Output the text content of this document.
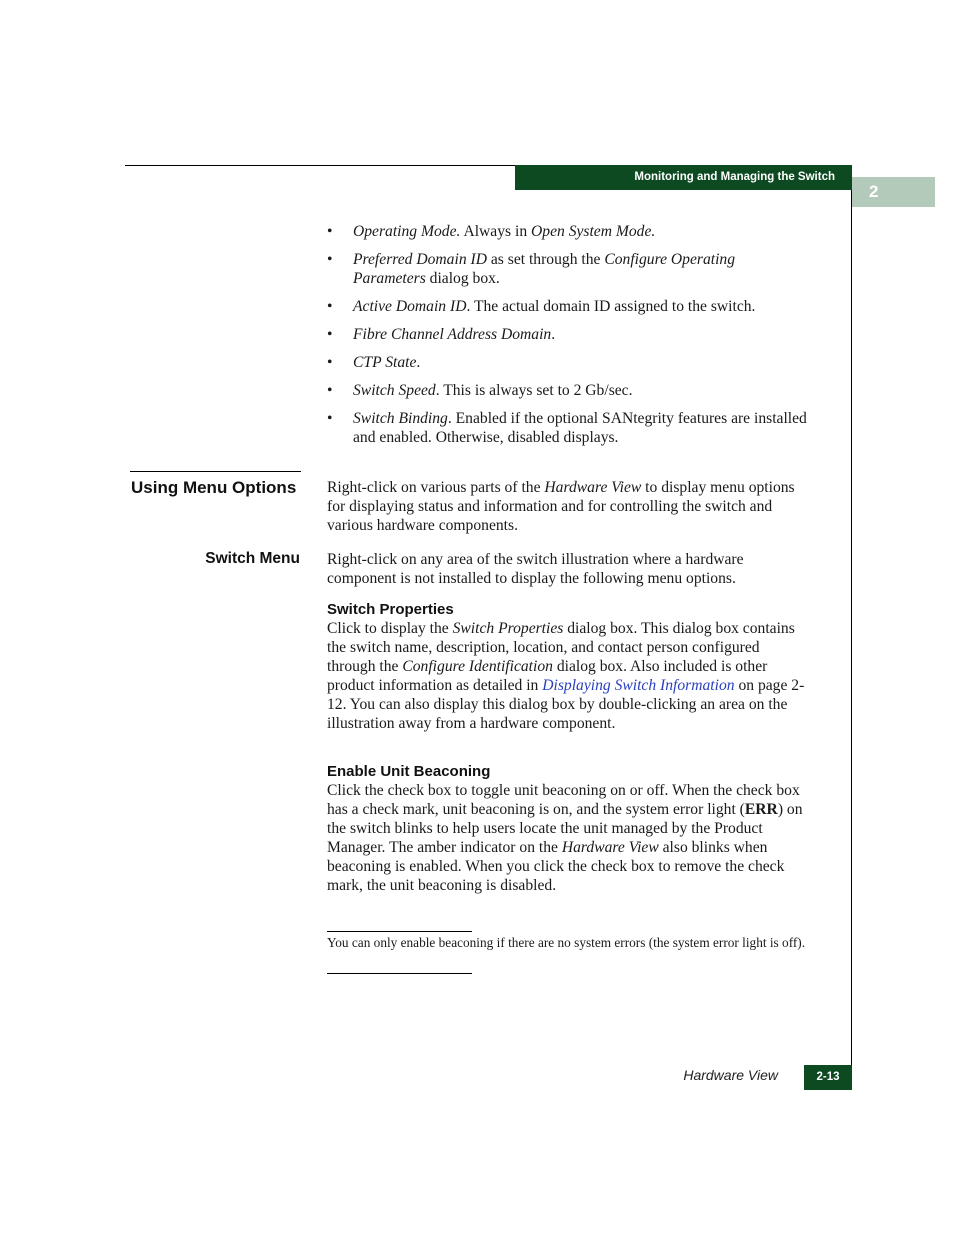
Monitoring and Managing the Switch
2
• Operating Mode. Always in Open System Mode.
• Preferred Domain ID as set through the Configure Operating Parameters dialog box.
• Active Domain ID. The actual domain ID assigned to the switch.
• Fibre Channel Address Domain.
• CTP State.
• Switch Speed. This is always set to 2 Gb/sec.
• Switch Binding. Enabled if the optional SANtegrity features are installed and enabled. Otherwise, disabled displays.
Using Menu Options Right-click on various parts of the Hardware View to display menu options for displaying status and information and for controlling the switch and various hardware components.
Switch Menu Right-click on any area of the switch illustration where a hardware component is not installed to display the following menu options.
Switch Properties
Click to display the Switch Properties dialog box. This dialog box contains the switch name, description, location, and contact person configured through the Configure Identification dialog box. Also included is other product information as detailed in Displaying Switch Information on page 2-12. You can also display this dialog box by double-clicking an area on the illustration away from a hardware component.
Enable Unit Beaconing
Click the check box to toggle unit beaconing on or off. When the check box has a check mark, unit beaconing is on, and the system error light (ERR) on the switch blinks to help users locate the unit managed by the Product Manager. The amber indicator on the Hardware View also blinks when beaconing is enabled. When you click the check box to remove the check mark, the unit beaconing is disabled.
You can only enable beaconing if there are no system errors (the system error light is off).
Hardware View	2-13
